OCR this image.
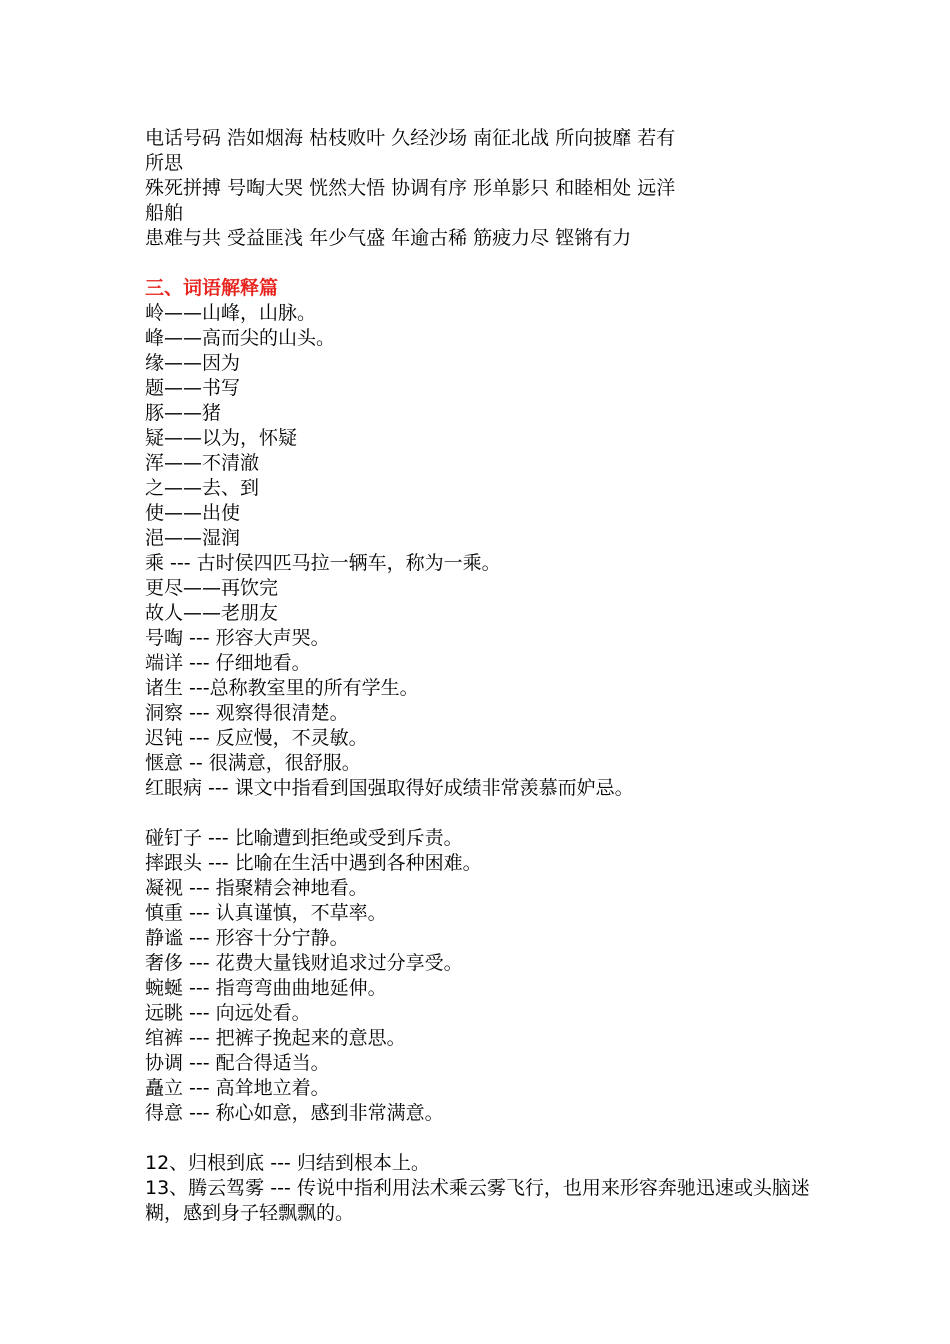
电话号码 浩如烟海 枯枝败叶 久经沙场 南征北战 所向披靡 若有
所思
殊死拼搏 号啕大哭 恍然大悟 协调有序 形单影只 和睦相处 远洋
船舶
患难与共 受益匪浅 年少气盛 年逾古稀 筋疲力尽 铿锵有力
三、词语解释篇
岭——山峰，山脉。
峰——高而尖的山头。
缘——因为
题——书写
豚——猪
疑——以为，怀疑
浑——不清澈
之——去、到
使——出使
浥——湿润
乘 --- 古时侯四匹马拉一辆车，称为一乘。
更尽——再饮完
故人——老朋友
号啕 --- 形容大声哭。
端详 --- 仔细地看。
诸生 ---总称教室里的所有学生。
洞察 --- 观察得很清楚。
迟钝 --- 反应慢，不灵敏。
惬意 -- 很满意，很舒服。
红眼病 --- 课文中指看到国强取得好成绩非常羡慕而妒忌。
碰钉子 --- 比喻遭到拒绝或受到斥责。
摔跟头 --- 比喻在生活中遇到各种困难。
凝视 --- 指聚精会神地看。
慎重 --- 认真谨慎，不草率。
静谧 --- 形容十分宁静。
奢侈 --- 花费大量钱财追求过分享受。
蜿蜒 --- 指弯弯曲曲地延伸。
远眺 --- 向远处看。
绾裤 --- 把裤子挽起来的意思。
协调 --- 配合得适当。
矗立 --- 高耸地立着。
得意 --- 称心如意，感到非常满意。
12、归根到底 --- 归结到根本上。
13、腾云驾雾 --- 传说中指利用法术乘云雾飞行，也用来形容奔驰迅速或头脑迷糊，感到身子轻飘飘的。
